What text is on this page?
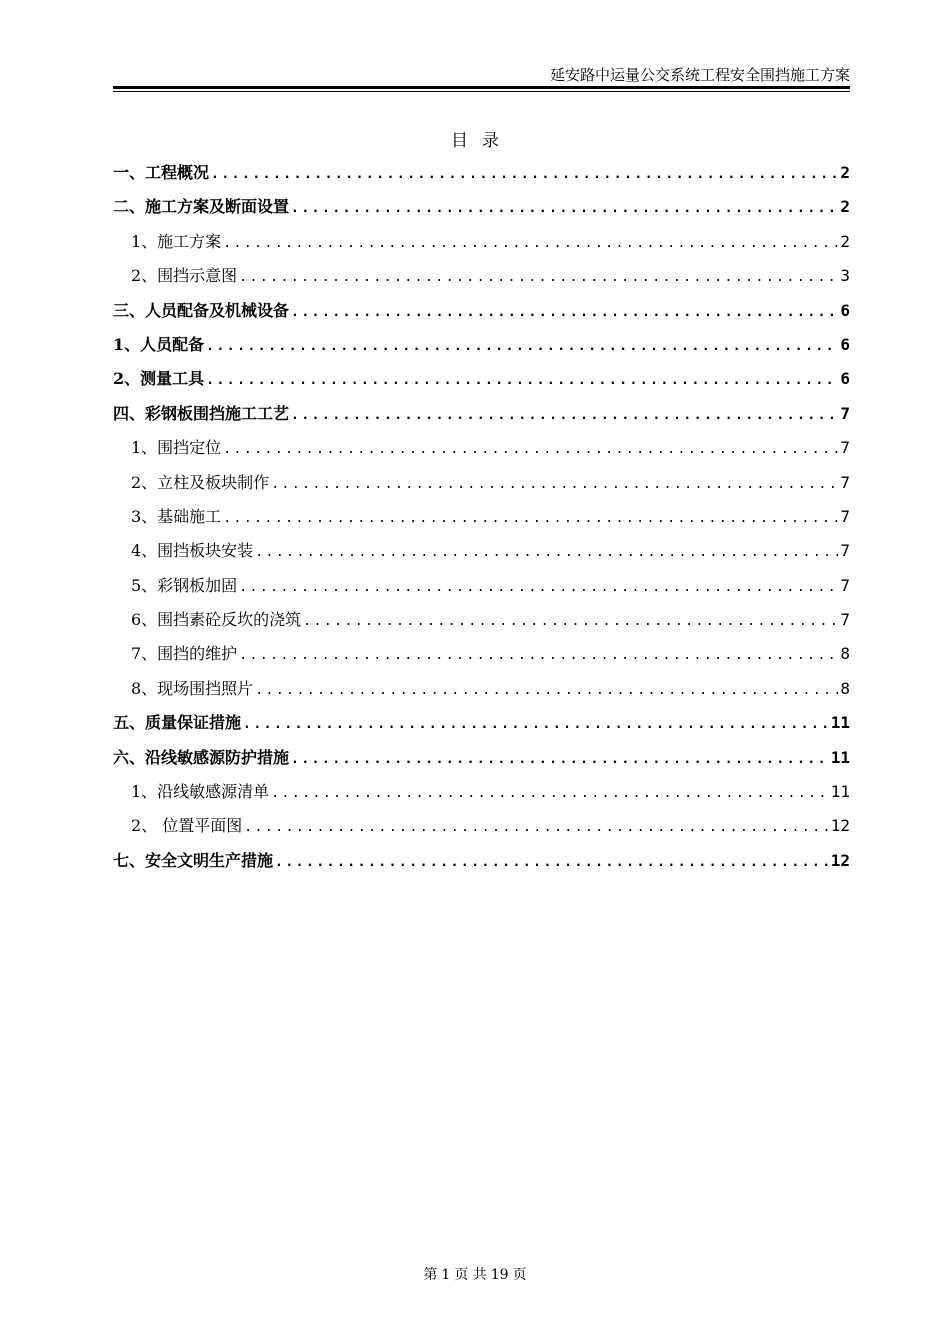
延安路中运量公交系统工程安全围挡施工方案
目录
一、工程概况 .....	2
二、施工方案及断面设置 .....	2
1、施工方案 .....	2
2、围挡示意图 .....	3
三、人员配备及机械设备 .....	6
1、人员配备 .....	6
2、测量工具 .....	6
四、彩钢板围挡施工工艺 .....	7
1、围挡定位 .....	7
2、立柱及板块制作 .....	7
3、基础施工 .....	7
4、围挡板块安装 .....	7
5、彩钢板加固 .....	7
6、围挡素砼反坎的浇筑 .....	7
7、围挡的维护 .....	8
8、现场围挡照片 .....	8
五、质量保证措施 .....	11
六、沿线敏感源防护措施 .....	11
1、沿线敏感源清单 .....	11
2、 位置平面图 .....	12
七、安全文明生产措施 .....	12
第 1 页 共 19 页
